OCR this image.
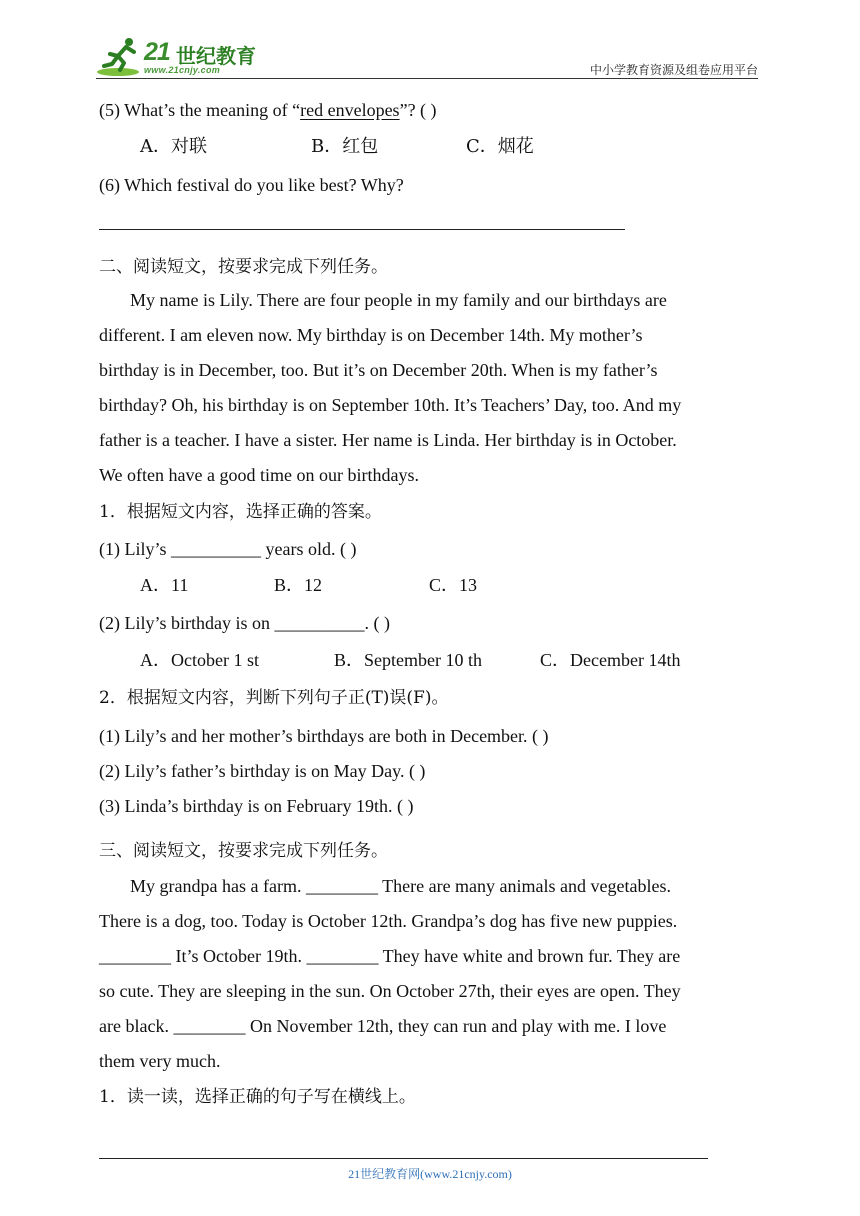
21 世纪教育
www.21cnjy.com	中小学教育资源及组卷应用平台
(5) What’s the meaning of “red envelopes”? ( )
A．对联	B．红包	C．烟花
(6) Which festival do you like best? Why?
二、阅读短文，按要求完成下列任务。
My name is Lily. There are four people in my family and our birthdays are
different. I am eleven now. My birthday is on December 14th. My mother’s
birthday is in December, too. But it’s on December 20th. When is my father’s
birthday? Oh, his birthday is on September 10th. It’s Teachers’ Day, too. And my
father is a teacher. I have a sister. Her name is Linda. Her birthday is in October.
We often have a good time on our birthdays.
1．根据短文内容，选择正确的答案。
(1) Lily’s __________ years old. ( )
A．11	B．12	C．13
(2) Lily’s birthday is on __________. ( )
A．October 1 st	B．September 10 th	C．December 14th
2．根据短文内容，判断下列句子正(T)误(F)。
(1) Lily’s and her mother’s birthdays are both in December. ( )
(2) Lily’s father’s birthday is on May Day. ( )
(3) Linda’s birthday is on February 19th. ( )
三、阅读短文，按要求完成下列任务。
My grandpa has a farm. ________ There are many animals and vegetables.
There is a dog, too. Today is October 12th. Grandpa’s dog has five new puppies.
________ It’s October 19th. ________ They have white and brown fur. They are
so cute. They are sleeping in the sun. On October 27th, their eyes are open. They
are black. ________ On November 12th, they can run and play with me. I love
them very much.
1．读一读，选择正确的句子写在横线上。
21世纪教育网(www.21cnjy.com)
